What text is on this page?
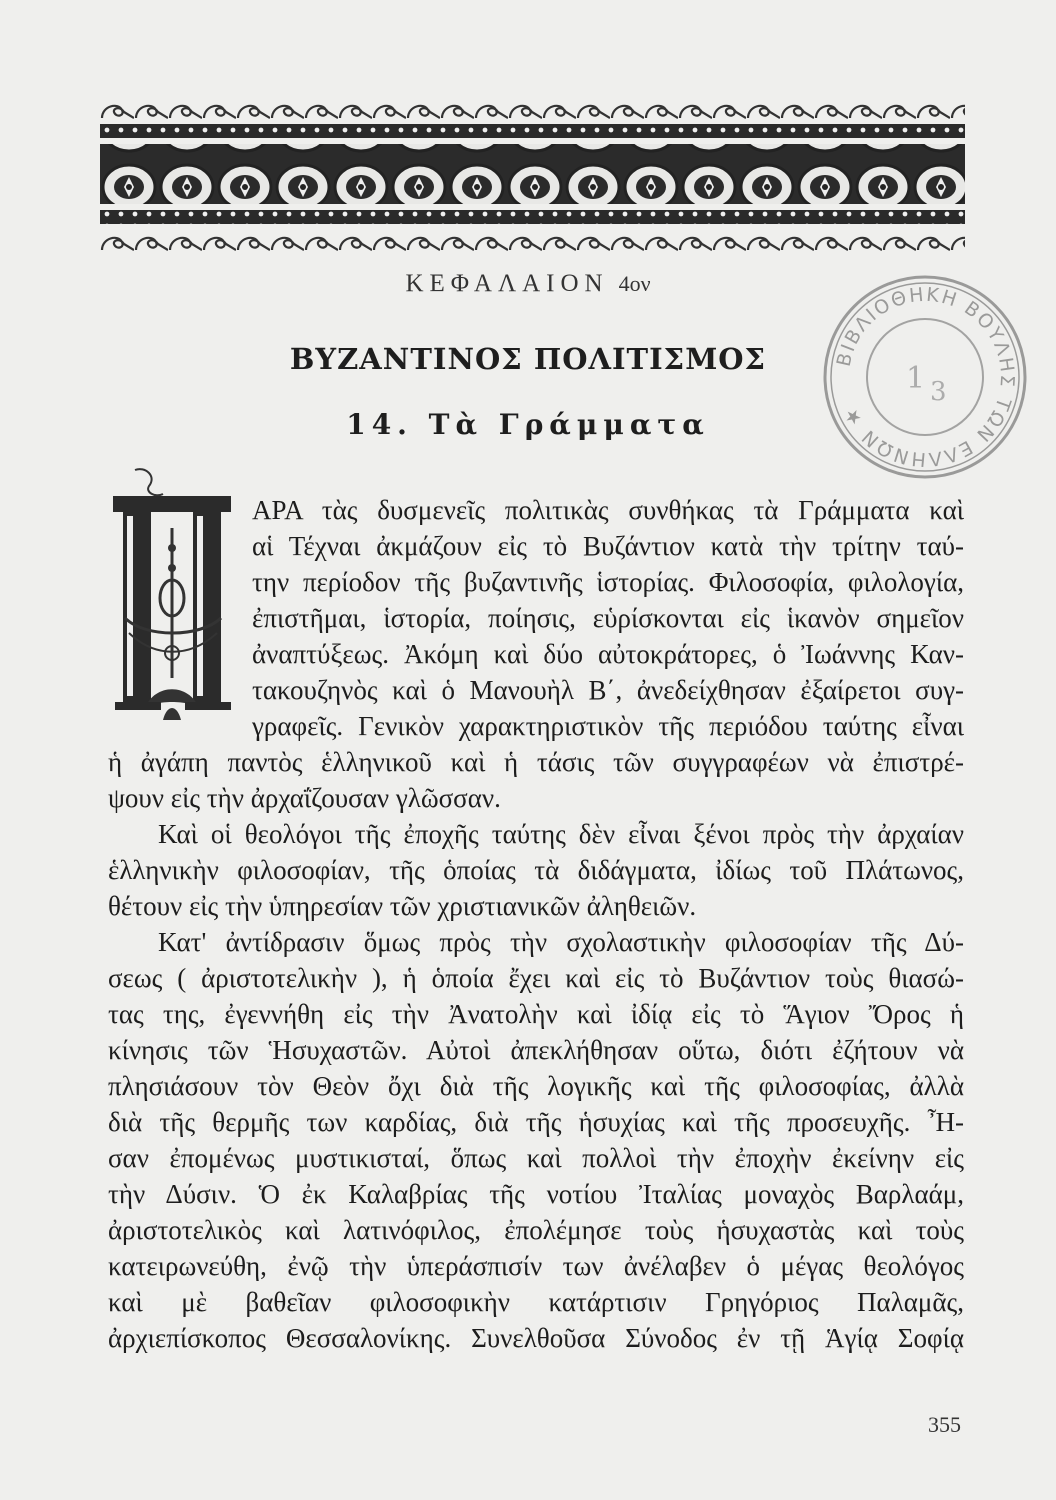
ΚΕΦΑΛΑΙΟΝ 4ον
ΒΥΖΑΝΤΙΝΟΣ ΠΟΛΙΤΙΣΜΟΣ
14. Τὰ Γράμματα
ΒΙΒΛΙΟΘΗΚΗ ΒΟΥΛΗΣ ΤΩΝ ΕΛΛΗΝΩΝ ★
1 3
ΑΡΑ τὰς δυσμενεῖς πολιτικὰς συνθήκας τὰ Γράμματα καὶ
αἱ Τέχναι ἀκμάζουν εἰς τὸ Βυζάντιον κατὰ τὴν τρίτην ταύ-
την περίοδον τῆς βυζαντινῆς ἱστορίας. Φιλοσοφία, φιλολογία,
ἐπιστῆμαι, ἱστορία, ποίησις, εὑρίσκονται εἰς ἱκανὸν σημεῖον
ἀναπτύξεως. Ἀκόμη καὶ δύο αὐτοκράτορες, ὁ Ἰωάννης Καν-
τακουζηνὸς καὶ ὁ Μανουὴλ Β΄, ἀνεδείχθησαν ἐξαίρετοι συγ-
γραφεῖς. Γενικὸν χαρακτηριστικὸν τῆς περιόδου ταύτης εἶναι
ἡ ἀγάπη παντὸς ἑλληνικοῦ καὶ ἡ τάσις τῶν συγγραφέων νὰ ἐπιστρέ-
ψουν εἰς τὴν ἀρχαΐζουσαν γλῶσσαν.
Καὶ οἱ θεολόγοι τῆς ἐποχῆς ταύτης δὲν εἶναι ξένοι πρὸς τὴν ἀρχαίαν
ἑλληνικὴν φιλοσοφίαν, τῆς ὁποίας τὰ διδάγματα, ἰδίως τοῦ Πλάτωνος,
θέτουν εἰς τὴν ὑπηρεσίαν τῶν χριστιανικῶν ἀληθειῶν.
Κατ' ἀντίδρασιν ὅμως πρὸς τὴν σχολαστικὴν φιλοσοφίαν τῆς Δύ-
σεως ( ἀριστοτελικὴν ), ἡ ὁποία ἔχει καὶ εἰς τὸ Βυζάντιον τοὺς θιασώ-
τας της, ἐγεννήθη εἰς τὴν Ἀνατολὴν καὶ ἰδίᾳ εἰς τὸ Ἅγιον Ὄρος ἡ
κίνησις τῶν Ἡσυχαστῶν. Αὐτοὶ ἀπεκλήθησαν οὕτω, διότι ἐζήτουν νὰ
πλησιάσουν τὸν Θεὸν ὄχι διὰ τῆς λογικῆς καὶ τῆς φιλοσοφίας, ἀλλὰ
διὰ τῆς θερμῆς των καρδίας, διὰ τῆς ἡσυχίας καὶ τῆς προσευχῆς. Ἦ-
σαν ἐπομένως μυστικισταί, ὅπως καὶ πολλοὶ τὴν ἐποχὴν ἐκείνην εἰς
τὴν Δύσιν. Ὁ ἐκ Καλαβρίας τῆς νοτίου Ἰταλίας μοναχὸς Βαρλαάμ,
ἀριστοτελικὸς καὶ λατινόφιλος, ἐπολέμησε τοὺς ἡσυχαστὰς καὶ τοὺς
κατειρωνεύθη, ἐνῷ τὴν ὑπεράσπισίν των ἀνέλαβεν ὁ μέγας θεολόγος
καὶ μὲ βαθεῖαν φιλοσοφικὴν κατάρτισιν Γρηγόριος Παλαμᾶς,
ἀρχιεπίσκοπος Θεσσαλονίκης. Συνελθοῦσα Σύνοδος ἐν τῇ Ἁγίᾳ Σοφίᾳ
355
